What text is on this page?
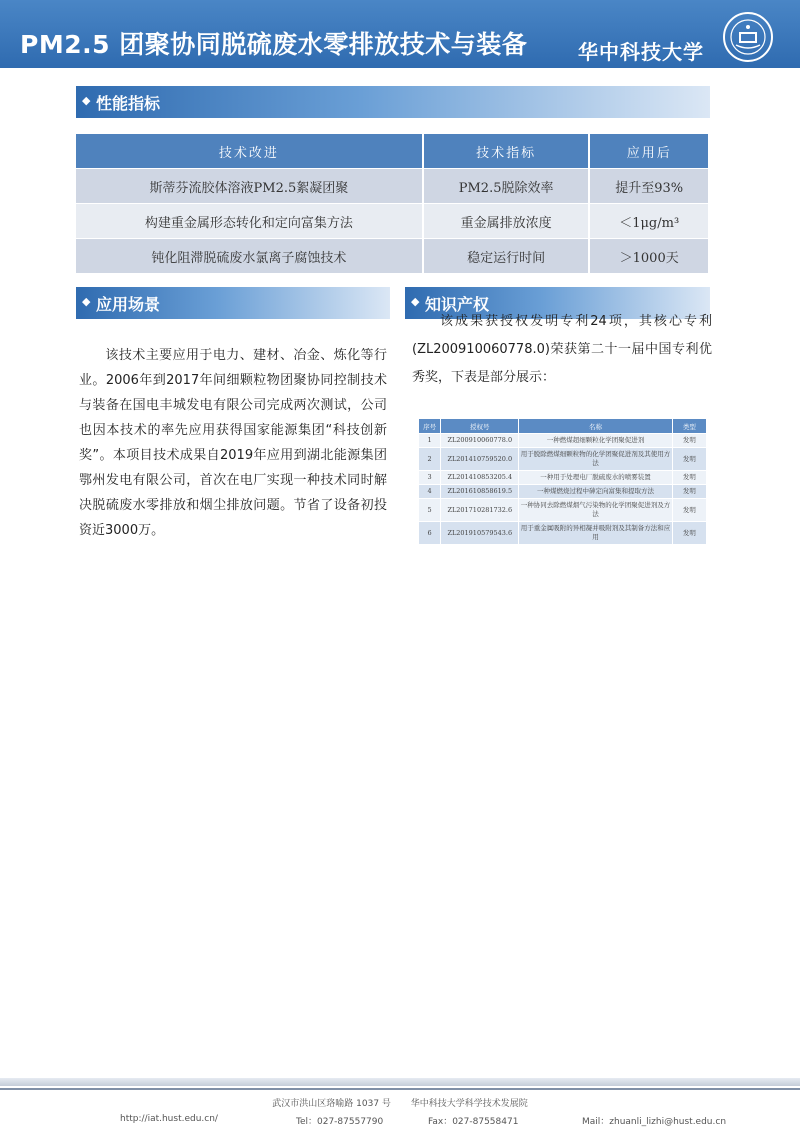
PM2.5 团聚协同脱硫废水零排放技术与装备	华中科技大学
◆ 性能指标
技术改进	技术指标	应用后
斯蒂芬流胶体溶液PM2.5絮凝团聚	PM2.5脱除效率	提升至93%
构建重金属形态转化和定向富集方法	重金属排放浓度	＜1μg/m³
钝化阻滞脱硫废水氯离子腐蚀技术	稳定运行时间	＞1000天
◆ 应用场景
该技术主要应用于电力、建材、冶金、炼化等行业。2006年到2017年间细颗粒物团聚协同控制技术与装备在国电丰城发电有限公司完成两次测试，公司也因本技术的率先应用获得国家能源集团“科技创新奖”。本项目技术成果自2019年应用到湖北能源集团鄂州发电有限公司，首次在电厂实现一种技术同时解决脱硫废水零排放和烟尘排放问题。节省了设备初投资近3000万。
◆ 知识产权
该成果获授权发明专利24项，其核心专利(ZL200910060778.0)荣获第二十一届中国专利优秀奖，下表是部分展示：
序号	授权号	名称	类型
1	ZL200910060778.0	一种燃煤超细颗粒化学团聚促进剂	发明
2	ZL201410759520.0	用于脱除燃煤细颗粒物的化学团聚促进剂及其使用方法	发明
3	ZL201410853205.4	一种用于处理电厂脱硫废水的喷雾装置	发明
4	ZL201610858619.5	一种煤燃烧过程中砷定向富集和提取方法	发明
5	ZL201710281732.6	一种协同去除燃煤烟气污染物的化学团聚促进剂及方法	发明
6	ZL201910579543.6	用于重金属吸附的异相凝并吸附剂及其制备方法和应用	发明
武汉市洪山区珞喻路 1037 号 华中科技大学科学技术发展院
http://iat.hust.edu.cn/	Tel：027-87557790	Fax：027-87558471	Mail：zhuanli_lizhi@hust.edu.cn
